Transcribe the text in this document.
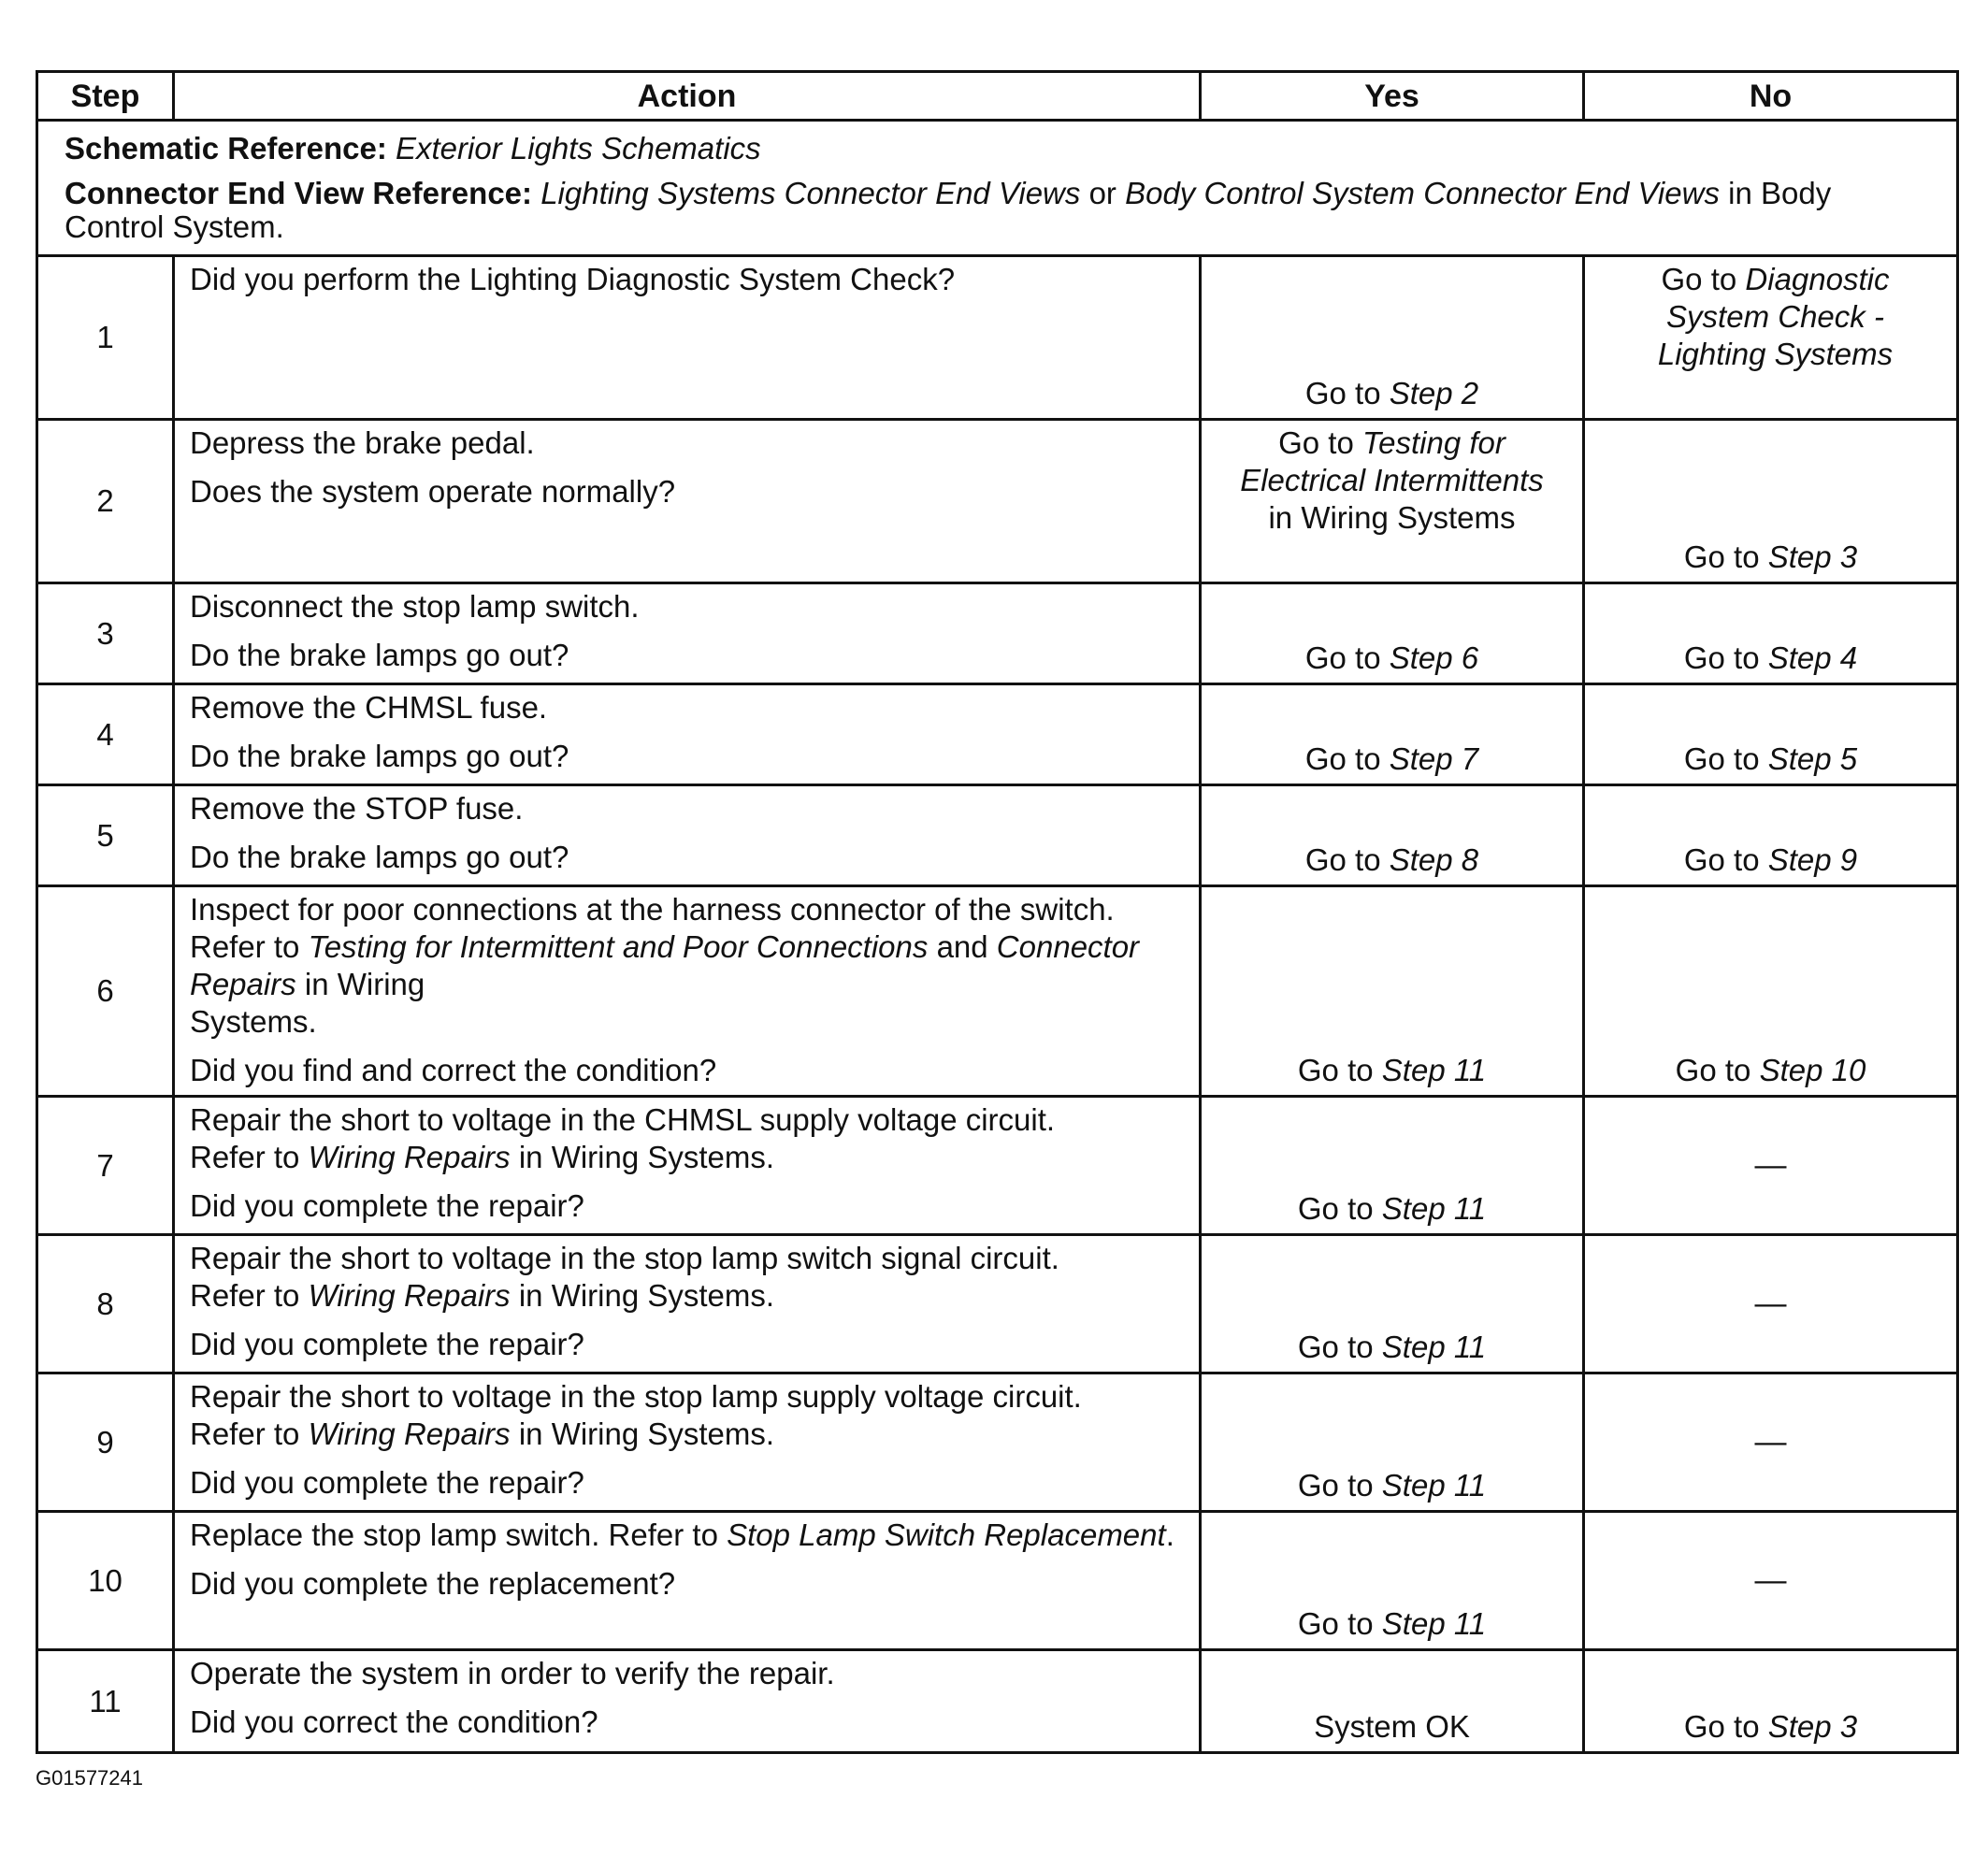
Step	Action	Yes	No

Schematic Reference: Exterior Lights Schematics
Connector End View Reference: Lighting Systems Connector End Views or Body Control System Connector End Views in Body Control System.			

1	Did you perform the Lighting Diagnostic System Check?	Go to Step 2	Go to Diagnostic System Check - Lighting Systems
2	Depress the brake pedal.
Does the system operate normally?	Go to Testing for Electrical Intermittents in Wiring Systems	Go to Step 3
3	Disconnect the stop lamp switch.
Do the brake lamps go out?	Go to Step 6	Go to Step 4
4	Remove the CHMSL fuse.
Do the brake lamps go out?	Go to Step 7	Go to Step 5
5	Remove the STOP fuse.
Do the brake lamps go out?	Go to Step 8	Go to Step 9
6	Inspect for poor connections at the harness connector of the switch. Refer to Testing for Intermittent and Poor Connections and Connector Repairs in Wiring
Systems.
Did you find and correct the condition?	Go to Step 11	Go to Step 10
7	Repair the short to voltage in the CHMSL supply voltage circuit.
Refer to Wiring Repairs in Wiring Systems.
Did you complete the repair?	Go to Step 11	—
8	Repair the short to voltage in the stop lamp switch signal circuit.
Refer to Wiring Repairs in Wiring Systems.
Did you complete the repair?	Go to Step 11	—
9	Repair the short to voltage in the stop lamp supply voltage circuit.
Refer to Wiring Repairs in Wiring Systems.
Did you complete the repair?	Go to Step 11	—
10	Replace the stop lamp switch. Refer to Stop Lamp Switch Replacement.
Did you complete the replacement?	Go to Step 11	—
11	Operate the system in order to verify the repair.
Did you correct the condition?	System OK	Go to Step 3
G01577241
